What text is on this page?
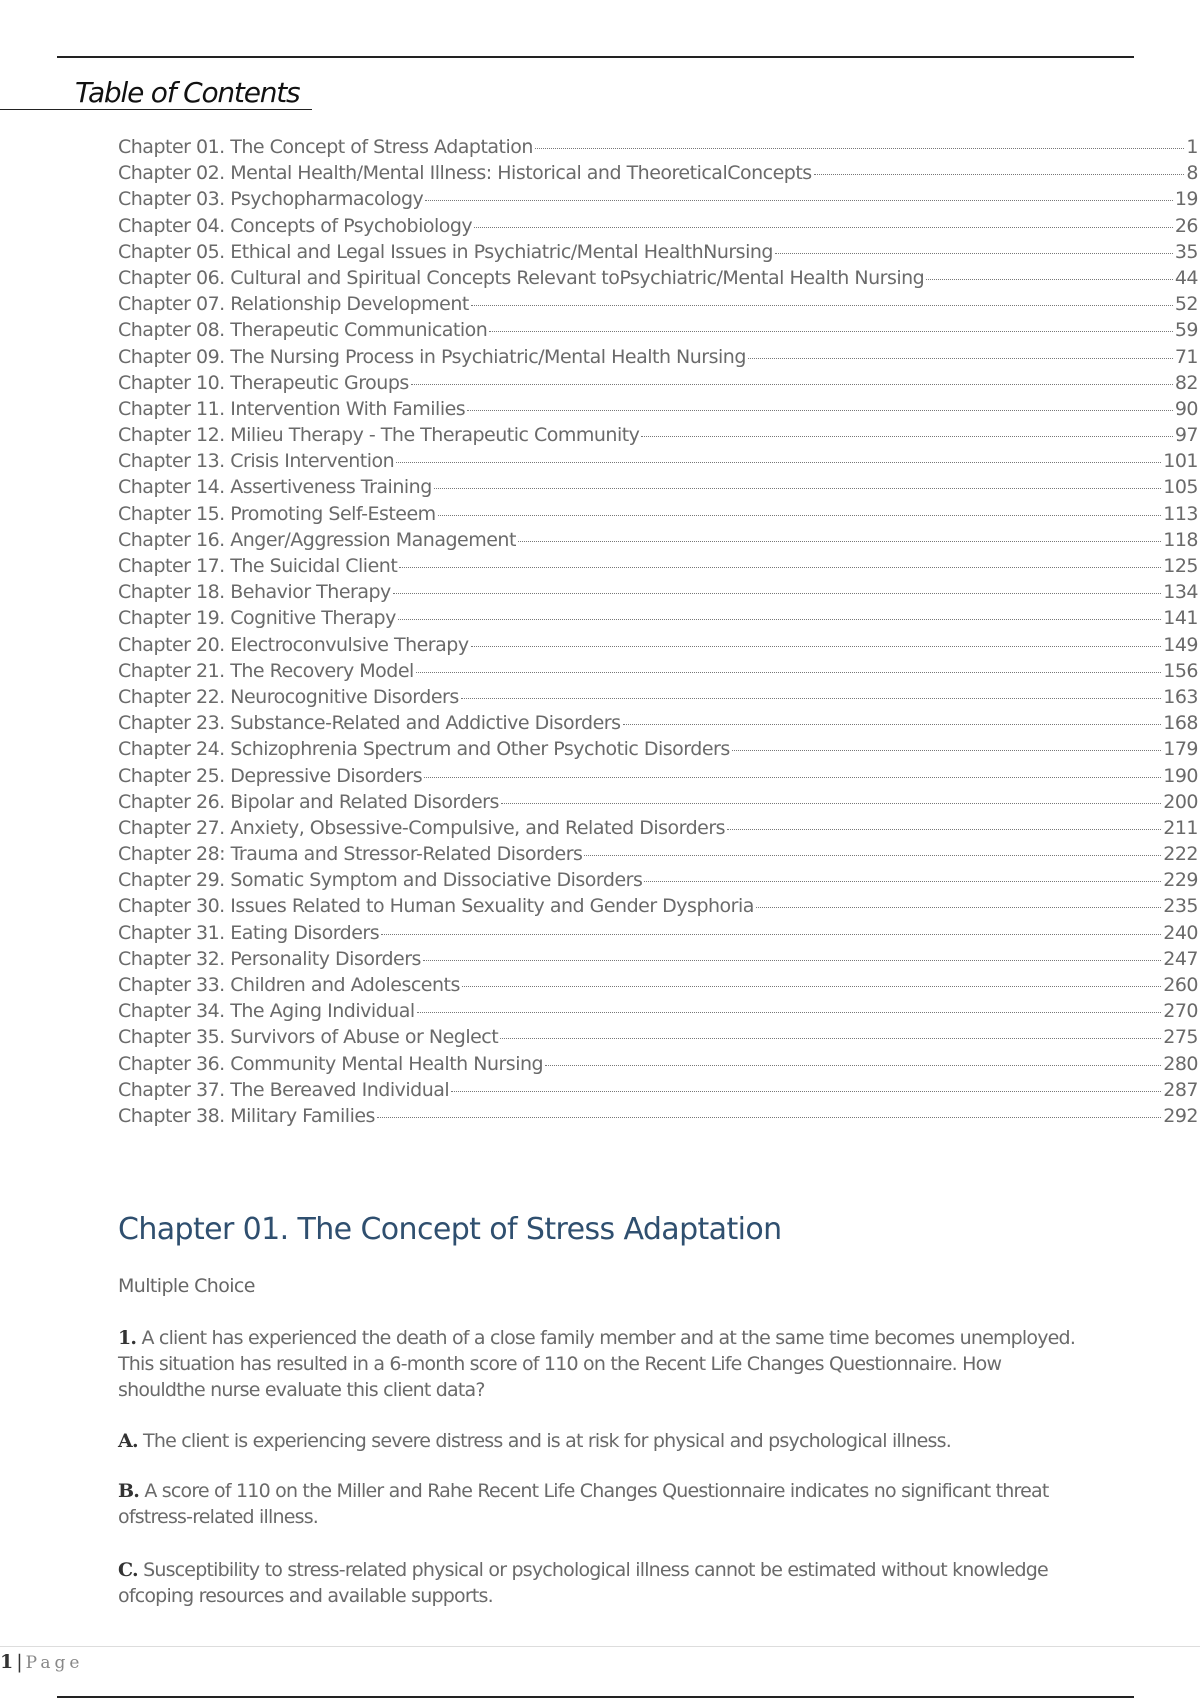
Table of Contents
Chapter 01. The Concept of Stress Adaptation	1
Chapter 02. Mental Health/Mental Illness: Historical and TheoreticalConcepts	8
Chapter 03. Psychopharmacology	19
Chapter 04. Concepts of Psychobiology	26
Chapter 05. Ethical and Legal Issues in Psychiatric/Mental HealthNursing	35
Chapter 06. Cultural and Spiritual Concepts Relevant toPsychiatric/Mental Health Nursing	44
Chapter 07. Relationship Development	52
Chapter 08. Therapeutic Communication	59
Chapter 09. The Nursing Process in Psychiatric/Mental Health Nursing	71
Chapter 10. Therapeutic Groups	82
Chapter 11. Intervention With Families	90
Chapter 12. Milieu Therapy - The Therapeutic Community	97
Chapter 13. Crisis Intervention	101
Chapter 14. Assertiveness Training	105
Chapter 15. Promoting Self-Esteem	113
Chapter 16. Anger/Aggression Management	118
Chapter 17. The Suicidal Client	125
Chapter 18. Behavior Therapy	134
Chapter 19. Cognitive Therapy	141
Chapter 20. Electroconvulsive Therapy	149
Chapter 21. The Recovery Model	156
Chapter 22. Neurocognitive Disorders	163
Chapter 23. Substance-Related and Addictive Disorders	168
Chapter 24. Schizophrenia Spectrum and Other Psychotic Disorders	179
Chapter 25. Depressive Disorders	190
Chapter 26. Bipolar and Related Disorders	200
Chapter 27. Anxiety, Obsessive-Compulsive, and Related Disorders	211
Chapter 28: Trauma and Stressor-Related Disorders	222
Chapter 29. Somatic Symptom and Dissociative Disorders	229
Chapter 30. Issues Related to Human Sexuality and Gender Dysphoria	235
Chapter 31. Eating Disorders	240
Chapter 32. Personality Disorders	247
Chapter 33. Children and Adolescents	260
Chapter 34. The Aging Individual	270
Chapter 35. Survivors of Abuse or Neglect	275
Chapter 36. Community Mental Health Nursing	280
Chapter 37. The Bereaved Individual	287
Chapter 38. Military Families	292
Chapter 01. The Concept of Stress Adaptation

Multiple Choice

1. A client has experienced the death of a close family member and at the same time becomes unemployed. This situation has resulted in a 6-month score of 110 on the Recent Life Changes Questionnaire. How shouldthe nurse evaluate this client data?

A. The client is experiencing severe distress and is at risk for physical and psychological illness.

B. A score of 110 on the Miller and Rahe Recent Life Changes Questionnaire indicates no significant threat ofstress-related illness.

C. Susceptibility to stress-related physical or psychological illness cannot be estimated without knowledge ofcoping resources and available supports.

1 | Page
